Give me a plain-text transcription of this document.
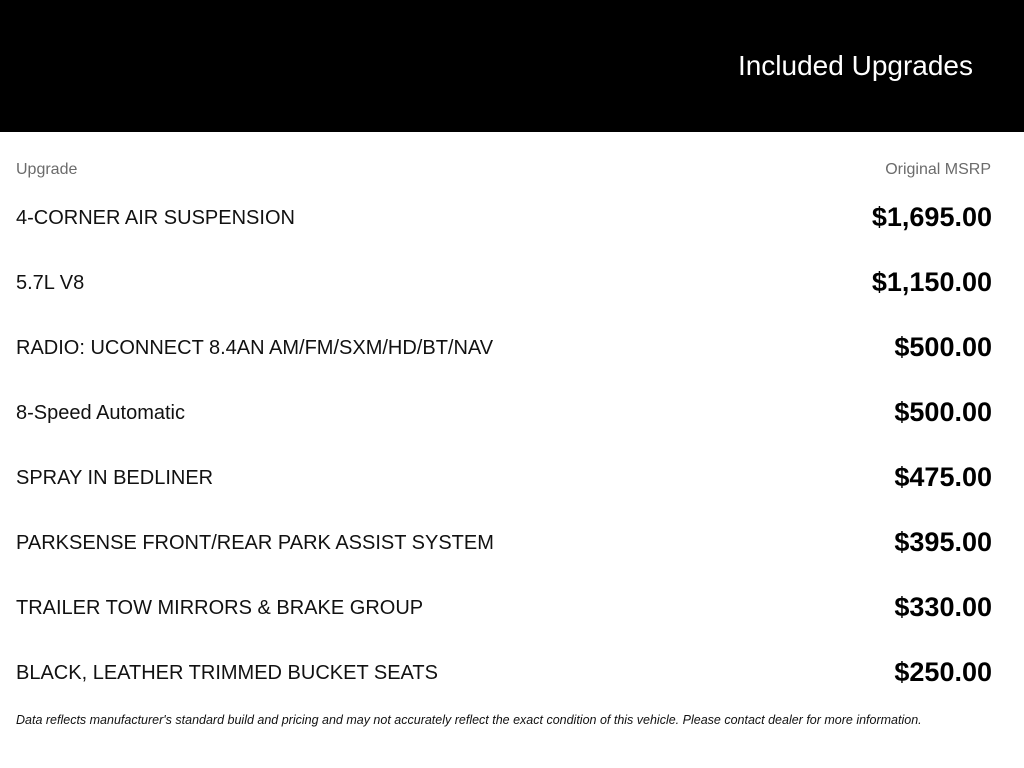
Included Upgrades
Upgrade	Original MSRP
4-CORNER AIR SUSPENSION	$1,695.00
5.7L V8	$1,150.00
RADIO: UCONNECT 8.4AN AM/FM/SXM/HD/BT/NAV	$500.00
8-Speed Automatic	$500.00
SPRAY IN BEDLINER	$475.00
PARKSENSE FRONT/REAR PARK ASSIST SYSTEM	$395.00
TRAILER TOW MIRRORS & BRAKE GROUP	$330.00
BLACK, LEATHER TRIMMED BUCKET SEATS	$250.00
Data reflects manufacturer's standard build and pricing and may not accurately reflect the exact condition of this vehicle. Please contact dealer for more information.
